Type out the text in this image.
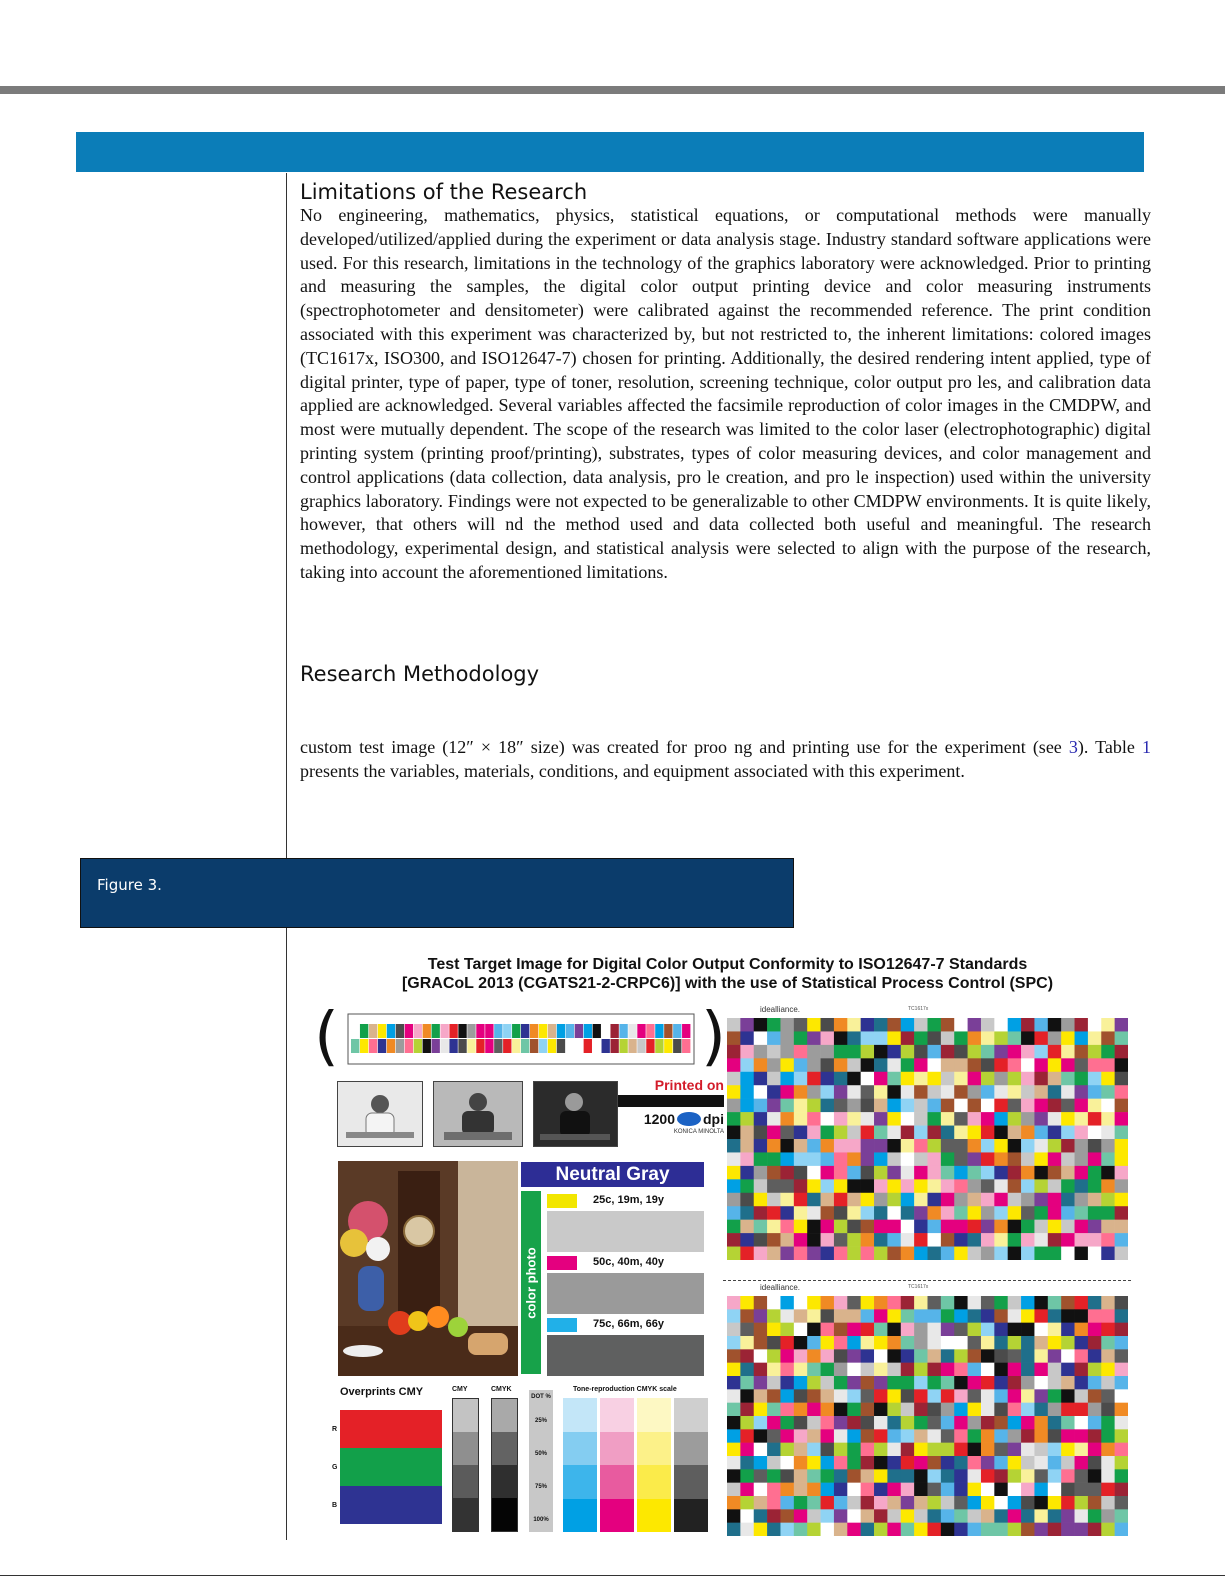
Limitations of the Research

No engineering, mathematics, physics, statistical equations, or computational methods were manually developed/utilized/applied during the experiment or data analysis stage. Industry standard software applications were used. For this research, limitations in the technology of the graphics laboratory were acknowledged. Prior to printing and measuring the samples, the digital color output printing device and color measuring instruments (spectrophotometer and densitometer) were calibrated against the recommended reference. The print condition associated with this experiment was characterized by, but not restricted to, the inherent limitations: colored images (TC1617x, ISO300, and ISO12647-7) chosen for printing. Additionally, the desired rendering intent applied, type of digital printer, type of paper, type of toner, resolution, screening technique, color output pro les, and calibration data applied are acknowledged. Several variables affected the facsimile reproduction of color images in the CMDPW, and most were mutually dependent. The scope of the research was limited to the color laser (electrophotographic) digital printing system (printing proof/printing), substrates, types of color measuring devices, and color management and control applications (data collection, data analysis, pro le creation, and pro le inspection) used within the university graphics laboratory. Findings were not expected to be generalizable to other CMDPW environments. It is quite likely, however, that others will nd the method used and data collected both useful and meaningful. The research methodology, experimental design, and statistical analysis were selected to align with the purpose of the research, taking into account the aforementioned limitations.

Research Methodology

custom test image (12″ × 18″ size) was created for proo ng and printing use for the experiment (see 3). Table 1 presents the variables, materials, conditions, and equipment associated with this experiment.

Figure 3.
Test Target Image for Digital Color Output Conformity to ISO12647-7 Standards
[GRACoL 2013 (CGATS21-2-CRPC6)] with the use of Statistical Process Control (SPC)
(	)
Printed on
1200 dpi
KONICA MINOLTA
Neutral Gray
color photo
25c, 19m, 19y
50c, 40m, 40y
75c, 66m, 66y
Overprints CMY
R
G
B
CMY	CMYK
DOT %
25%
50%
75%
100%
Tone-reproduction CMYK scale
idealliance.	TC1617x
idealliance.	TC1617x
